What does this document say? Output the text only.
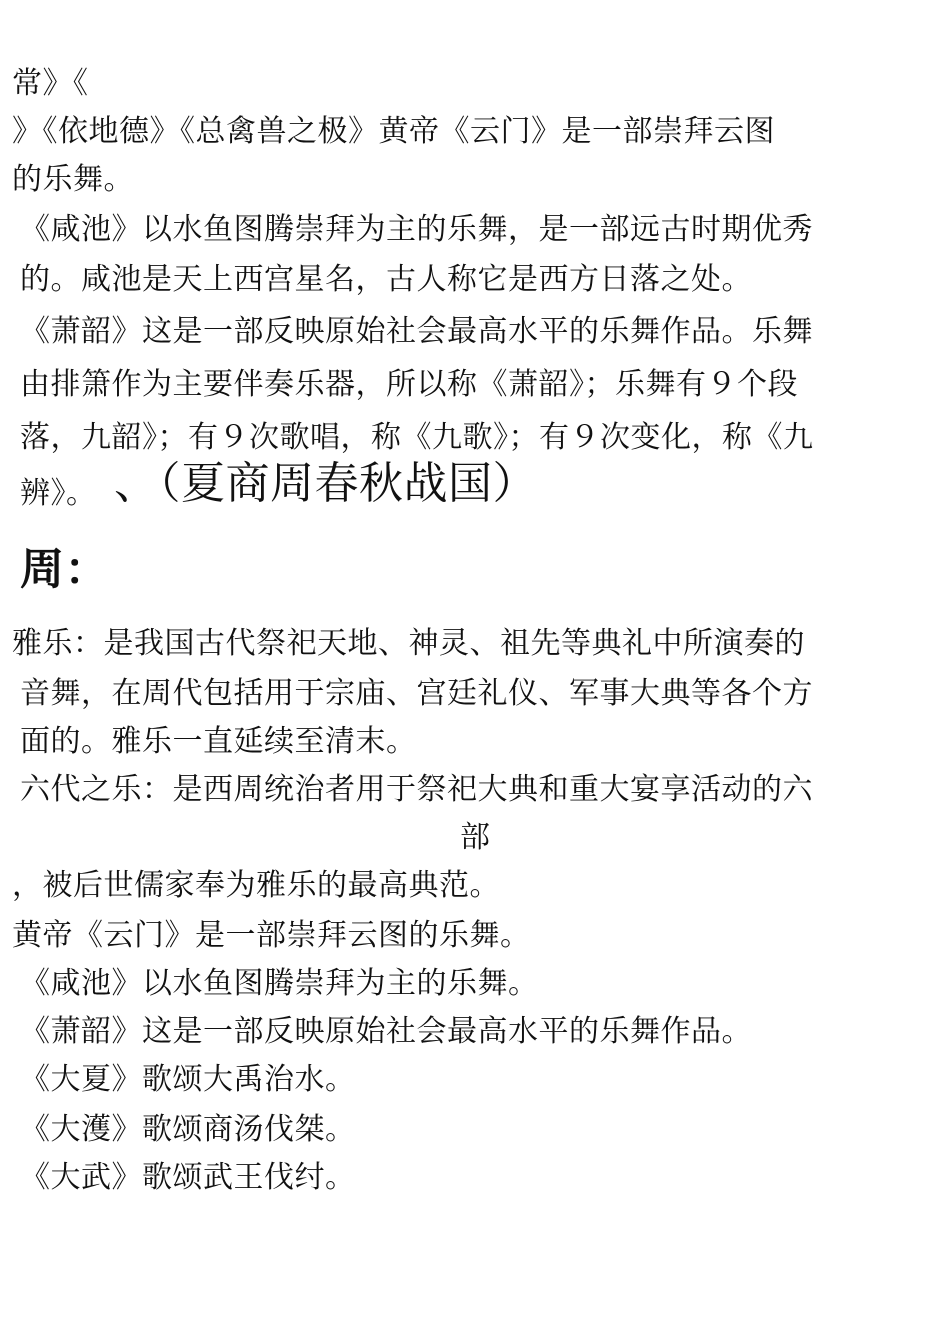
常》《
》《依地德》《总禽兽之极》黄帝《云门》是一部崇拜云图
的乐舞。
《咸池》以水鱼图腾崇拜为主的乐舞，是一部远古时期优秀
的。咸池是天上西宫星名，古人称它是西方日落之处。
《萧韶》这是一部反映原始社会最高水平的乐舞作品。乐舞
由排箫作为主要伴奏乐器，所以称《萧韶》；乐舞有９个段
落，九韶》；有９次歌唱，称《九歌》；有９次变化，称《九
辨》。 、（夏商周春秋战国）
周：
雅乐：是我国古代祭祀天地、神灵、祖先等典礼中所演奏的
音舞，在周代包括用于宗庙、宫廷礼仪、军事大典等各个方
面的。雅乐一直延续至清末。
六代之乐：是西周统治者用于祭祀大典和重大宴享活动的六
部
，被后世儒家奉为雅乐的最高典范。
黄帝《云门》是一部崇拜云图的乐舞。
《咸池》以水鱼图腾崇拜为主的乐舞。
《萧韶》这是一部反映原始社会最高水平的乐舞作品。
《大夏》歌颂大禹治水。
《大濩》歌颂商汤伐桀。
《大武》歌颂武王伐纣。
